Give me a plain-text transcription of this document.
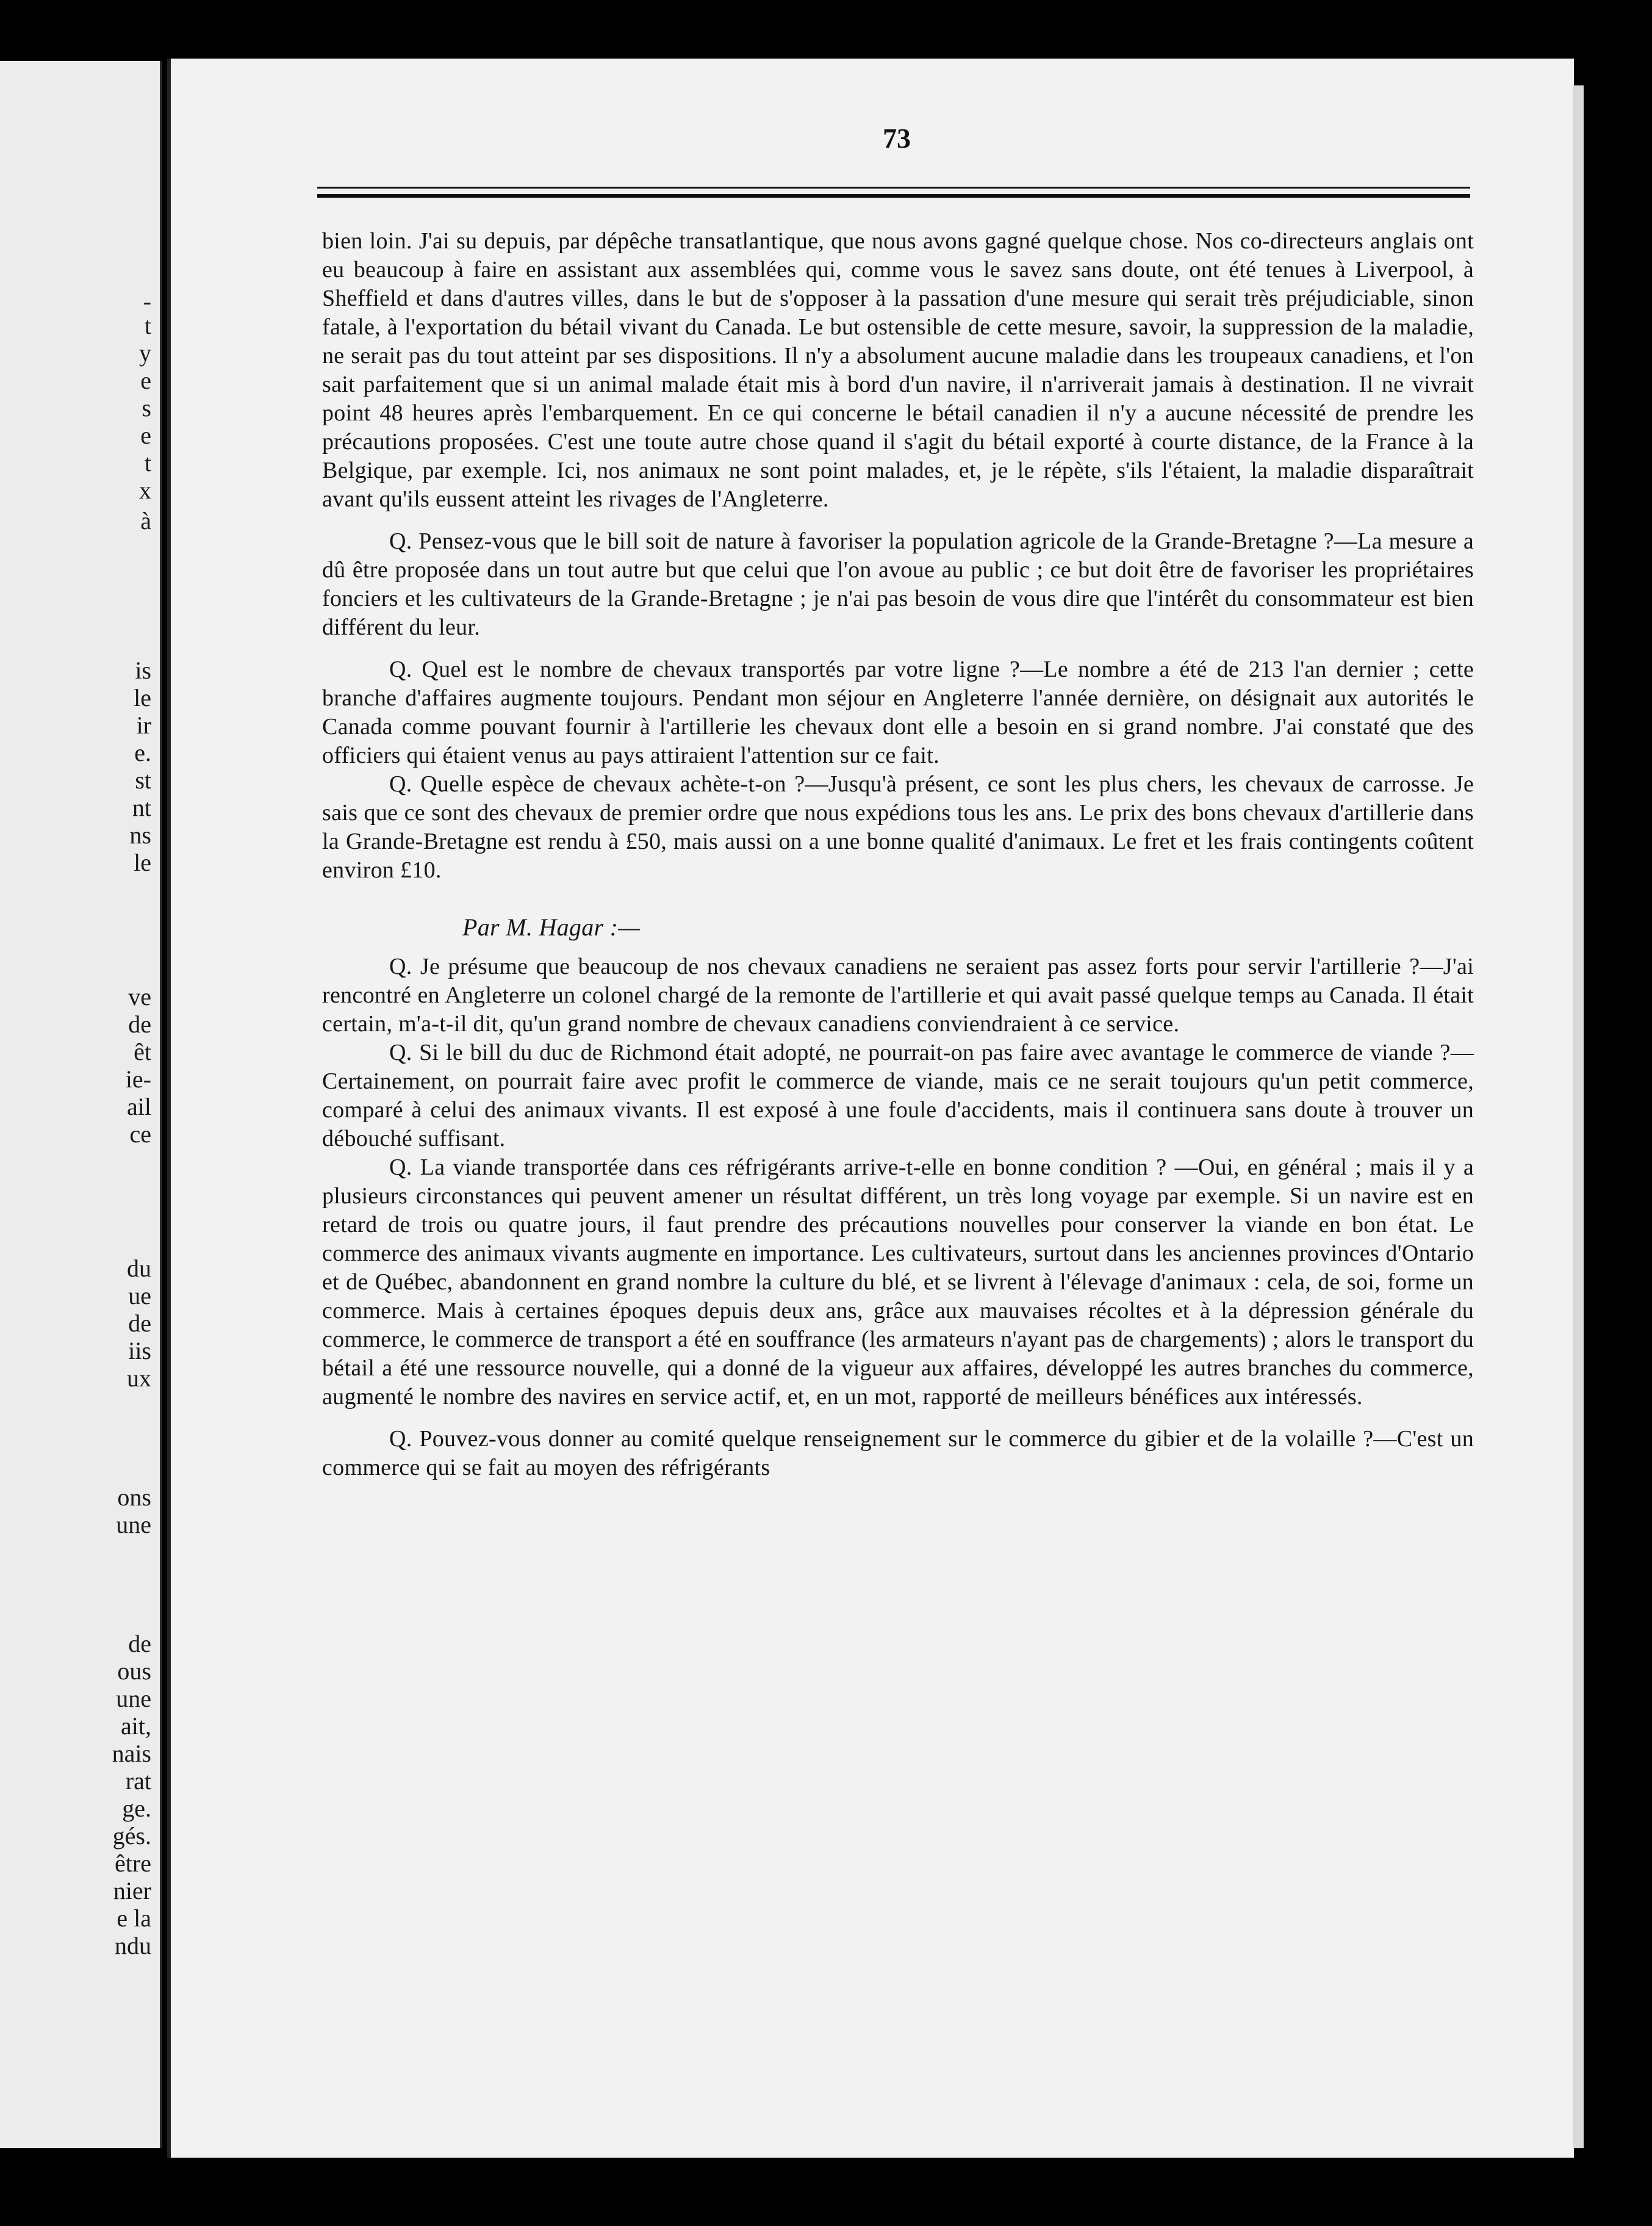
-
t
y
e
s
e
t
x
à
is
le
ir
e.
st
nt
ns
le
ve
de
êt
ie-
ail
ce
du
ue
de
iis
ux
ons
une
de
ous
une
ait,
nais
rat
ge.
gés.
être
nier
e la
ndu
73

bien loin. J'ai su depuis, par dépêche transatlantique, que nous avons gagné quelque chose. Nos co-directeurs anglais ont eu beaucoup à faire en assistant aux assemblées qui, comme vous le savez sans doute, ont été tenues à Liverpool, à Sheffield et dans d'autres villes, dans le but de s'opposer à la passation d'une mesure qui serait très préjudiciable, sinon fatale, à l'exportation du bétail vivant du Canada. Le but ostensible de cette mesure, savoir, la suppression de la maladie, ne serait pas du tout atteint par ses dispositions. Il n'y a absolument aucune maladie dans les troupeaux canadiens, et l'on sait parfaitement que si un animal malade était mis à bord d'un navire, il n'arriverait jamais à destination. Il ne vivrait point 48 heures après l'embarquement. En ce qui concerne le bétail canadien il n'y a aucune nécessité de prendre les précautions proposées. C'est une toute autre chose quand il s'agit du bétail exporté à courte distance, de la France à la Belgique, par exemple. Ici, nos animaux ne sont point malades, et, je le répète, s'ils l'étaient, la maladie disparaîtrait avant qu'ils eussent atteint les rivages de l'Angleterre.

Q. Pensez-vous que le bill soit de nature à favoriser la population agricole de la Grande-Bretagne ?—La mesure a dû être proposée dans un tout autre but que celui que l'on avoue au public ; ce but doit être de favoriser les propriétaires fonciers et les cultivateurs de la Grande-Bretagne ; je n'ai pas besoin de vous dire que l'intérêt du consommateur est bien différent du leur.

Q. Quel est le nombre de chevaux transportés par votre ligne ?—Le nombre a été de 213 l'an dernier ; cette branche d'affaires augmente toujours. Pendant mon séjour en Angleterre l'année dernière, on désignait aux autorités le Canada comme pouvant fournir à l'artillerie les chevaux dont elle a besoin en si grand nombre. J'ai constaté que des officiers qui étaient venus au pays attiraient l'attention sur ce fait.

Q. Quelle espèce de chevaux achète-t-on ?—Jusqu'à présent, ce sont les plus chers, les chevaux de carrosse. Je sais que ce sont des chevaux de premier ordre que nous expédions tous les ans. Le prix des bons chevaux d'artillerie dans la Grande-Bretagne est rendu à £50, mais aussi on a une bonne qualité d'animaux. Le fret et les frais contingents coûtent environ £10.

Par M. Hagar :—

Q. Je présume que beaucoup de nos chevaux canadiens ne seraient pas assez forts pour servir l'artillerie ?—J'ai rencontré en Angleterre un colonel chargé de la remonte de l'artillerie et qui avait passé quelque temps au Canada. Il était certain, m'a-t-il dit, qu'un grand nombre de chevaux canadiens conviendraient à ce service.

Q. Si le bill du duc de Richmond était adopté, ne pourrait-on pas faire avec avantage le commerce de viande ?—Certainement, on pourrait faire avec profit le commerce de viande, mais ce ne serait toujours qu'un petit commerce, comparé à celui des animaux vivants. Il est exposé à une foule d'accidents, mais il continuera sans doute à trouver un débouché suffisant.

Q. La viande transportée dans ces réfrigérants arrive-t-elle en bonne condition ? —Oui, en général ; mais il y a plusieurs circonstances qui peuvent amener un résultat différent, un très long voyage par exemple. Si un navire est en retard de trois ou quatre jours, il faut prendre des précautions nouvelles pour conserver la viande en bon état. Le commerce des animaux vivants augmente en importance. Les cultivateurs, surtout dans les anciennes provinces d'Ontario et de Québec, abandonnent en grand nombre la culture du blé, et se livrent à l'élevage d'animaux : cela, de soi, forme un commerce. Mais à certaines époques depuis deux ans, grâce aux mauvaises récoltes et à la dépression générale du commerce, le commerce de transport a été en souffrance (les armateurs n'ayant pas de chargements) ; alors le transport du bétail a été une ressource nouvelle, qui a donné de la vigueur aux affaires, développé les autres branches du commerce, augmenté le nombre des navires en service actif, et, en un mot, rapporté de meilleurs bénéfices aux intéressés.

Q. Pouvez-vous donner au comité quelque renseignement sur le commerce du gibier et de la volaille ?—C'est un commerce qui se fait au moyen des réfrigérants
